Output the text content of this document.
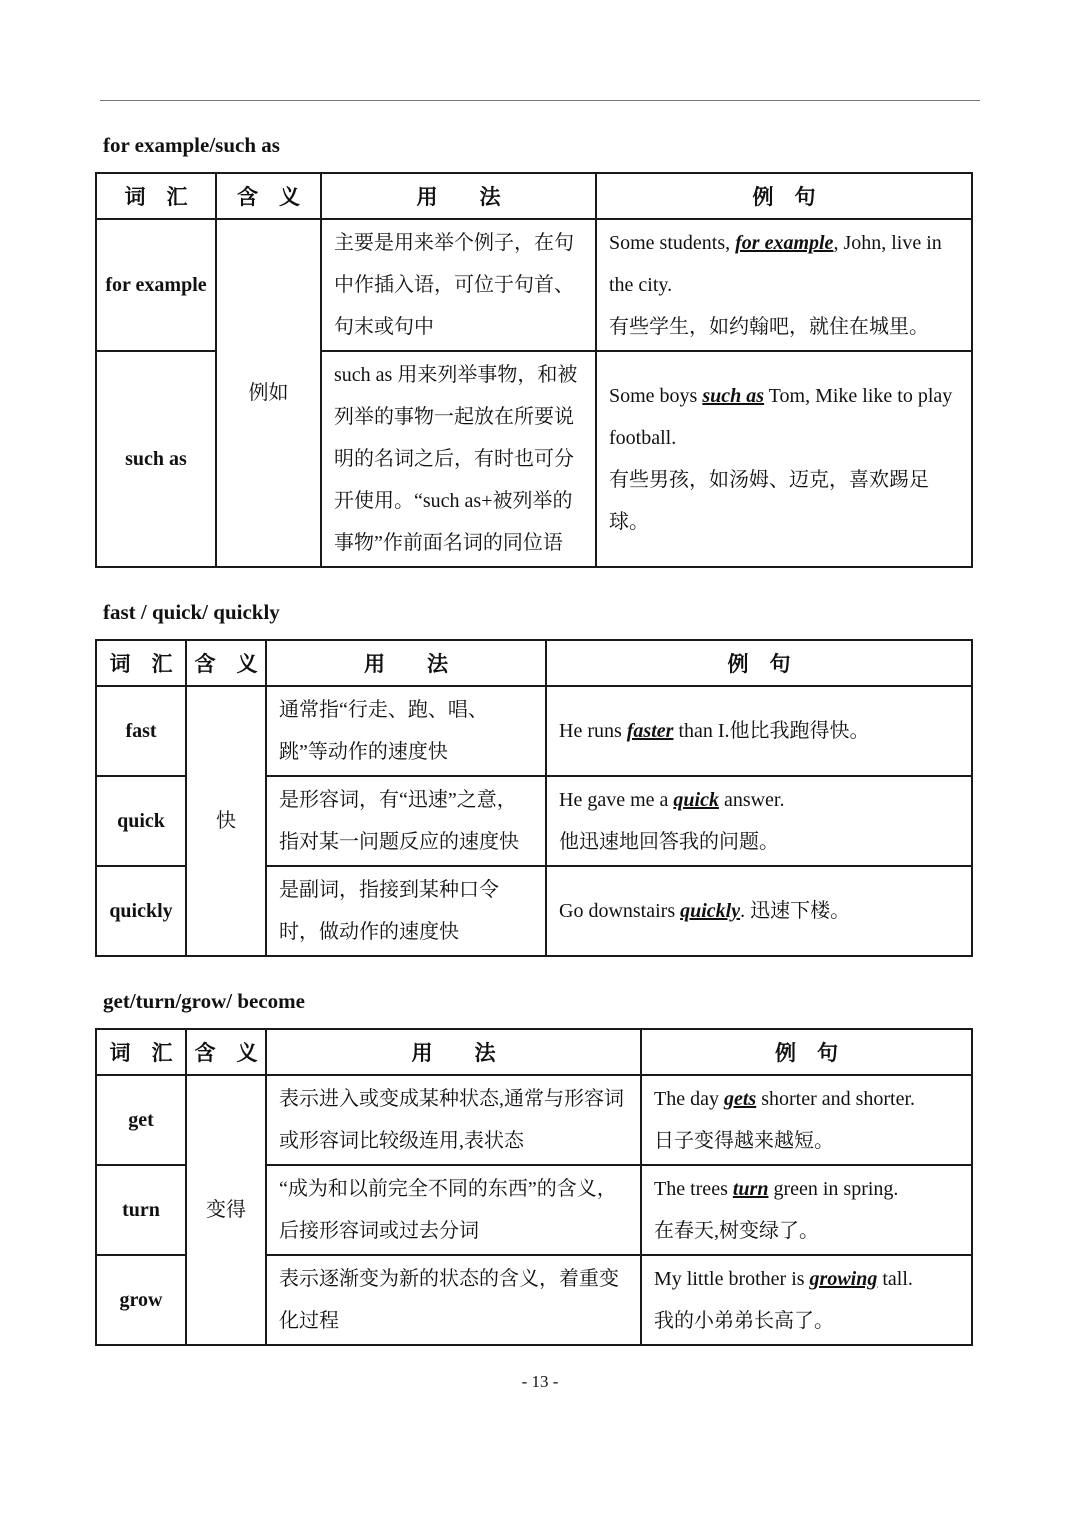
for example/such as
词　汇	含　义	用　　法	例　句
for example	例如	主要是用来举个例子，在句中作插入语，可位于句首、句末或句中	Some students, for example, John, live in the city.
有些学生，如约翰吧，就住在城里。

such as		such as 用来列举事物，和被列举的事物一起放在所要说明的名词之后，有时也可分开使用。“such as+被列举的事物”作前面名词的同位语	Some boys such as Tom, Mike like to play football.
有些男孩，如汤姆、迈克，喜欢踢足球。
fast / quick/ quickly
词　汇	含　义	用　　法	例　句
fast	快	通常指“行走、跑、唱、跳”等动作的速度快	He runs faster than I.他比我跑得快。

quick		是形容词，有“迅速”之意，指对某一问题反应的速度快	He gave me a quick answer.
他迅速地回答我的问题。

quickly		是副词，指接到某种口令时，做动作的速度快	Go downstairs quickly. 迅速下楼。
get/turn/grow/ become
词　汇	含　义	用　　法	例　句
get	变得	表示进入或变成某种状态,通常与形容词或形容词比较级连用,表状态	The day gets shorter and shorter.
日子变得越来越短。

turn		“成为和以前完全不同的东西”的含义，后接形容词或过去分词	The trees turn green in spring.
在春天,树变绿了。

grow		表示逐渐变为新的状态的含义，着重变化过程	My little brother is growing tall.
我的小弟弟长高了。
- 13 -
